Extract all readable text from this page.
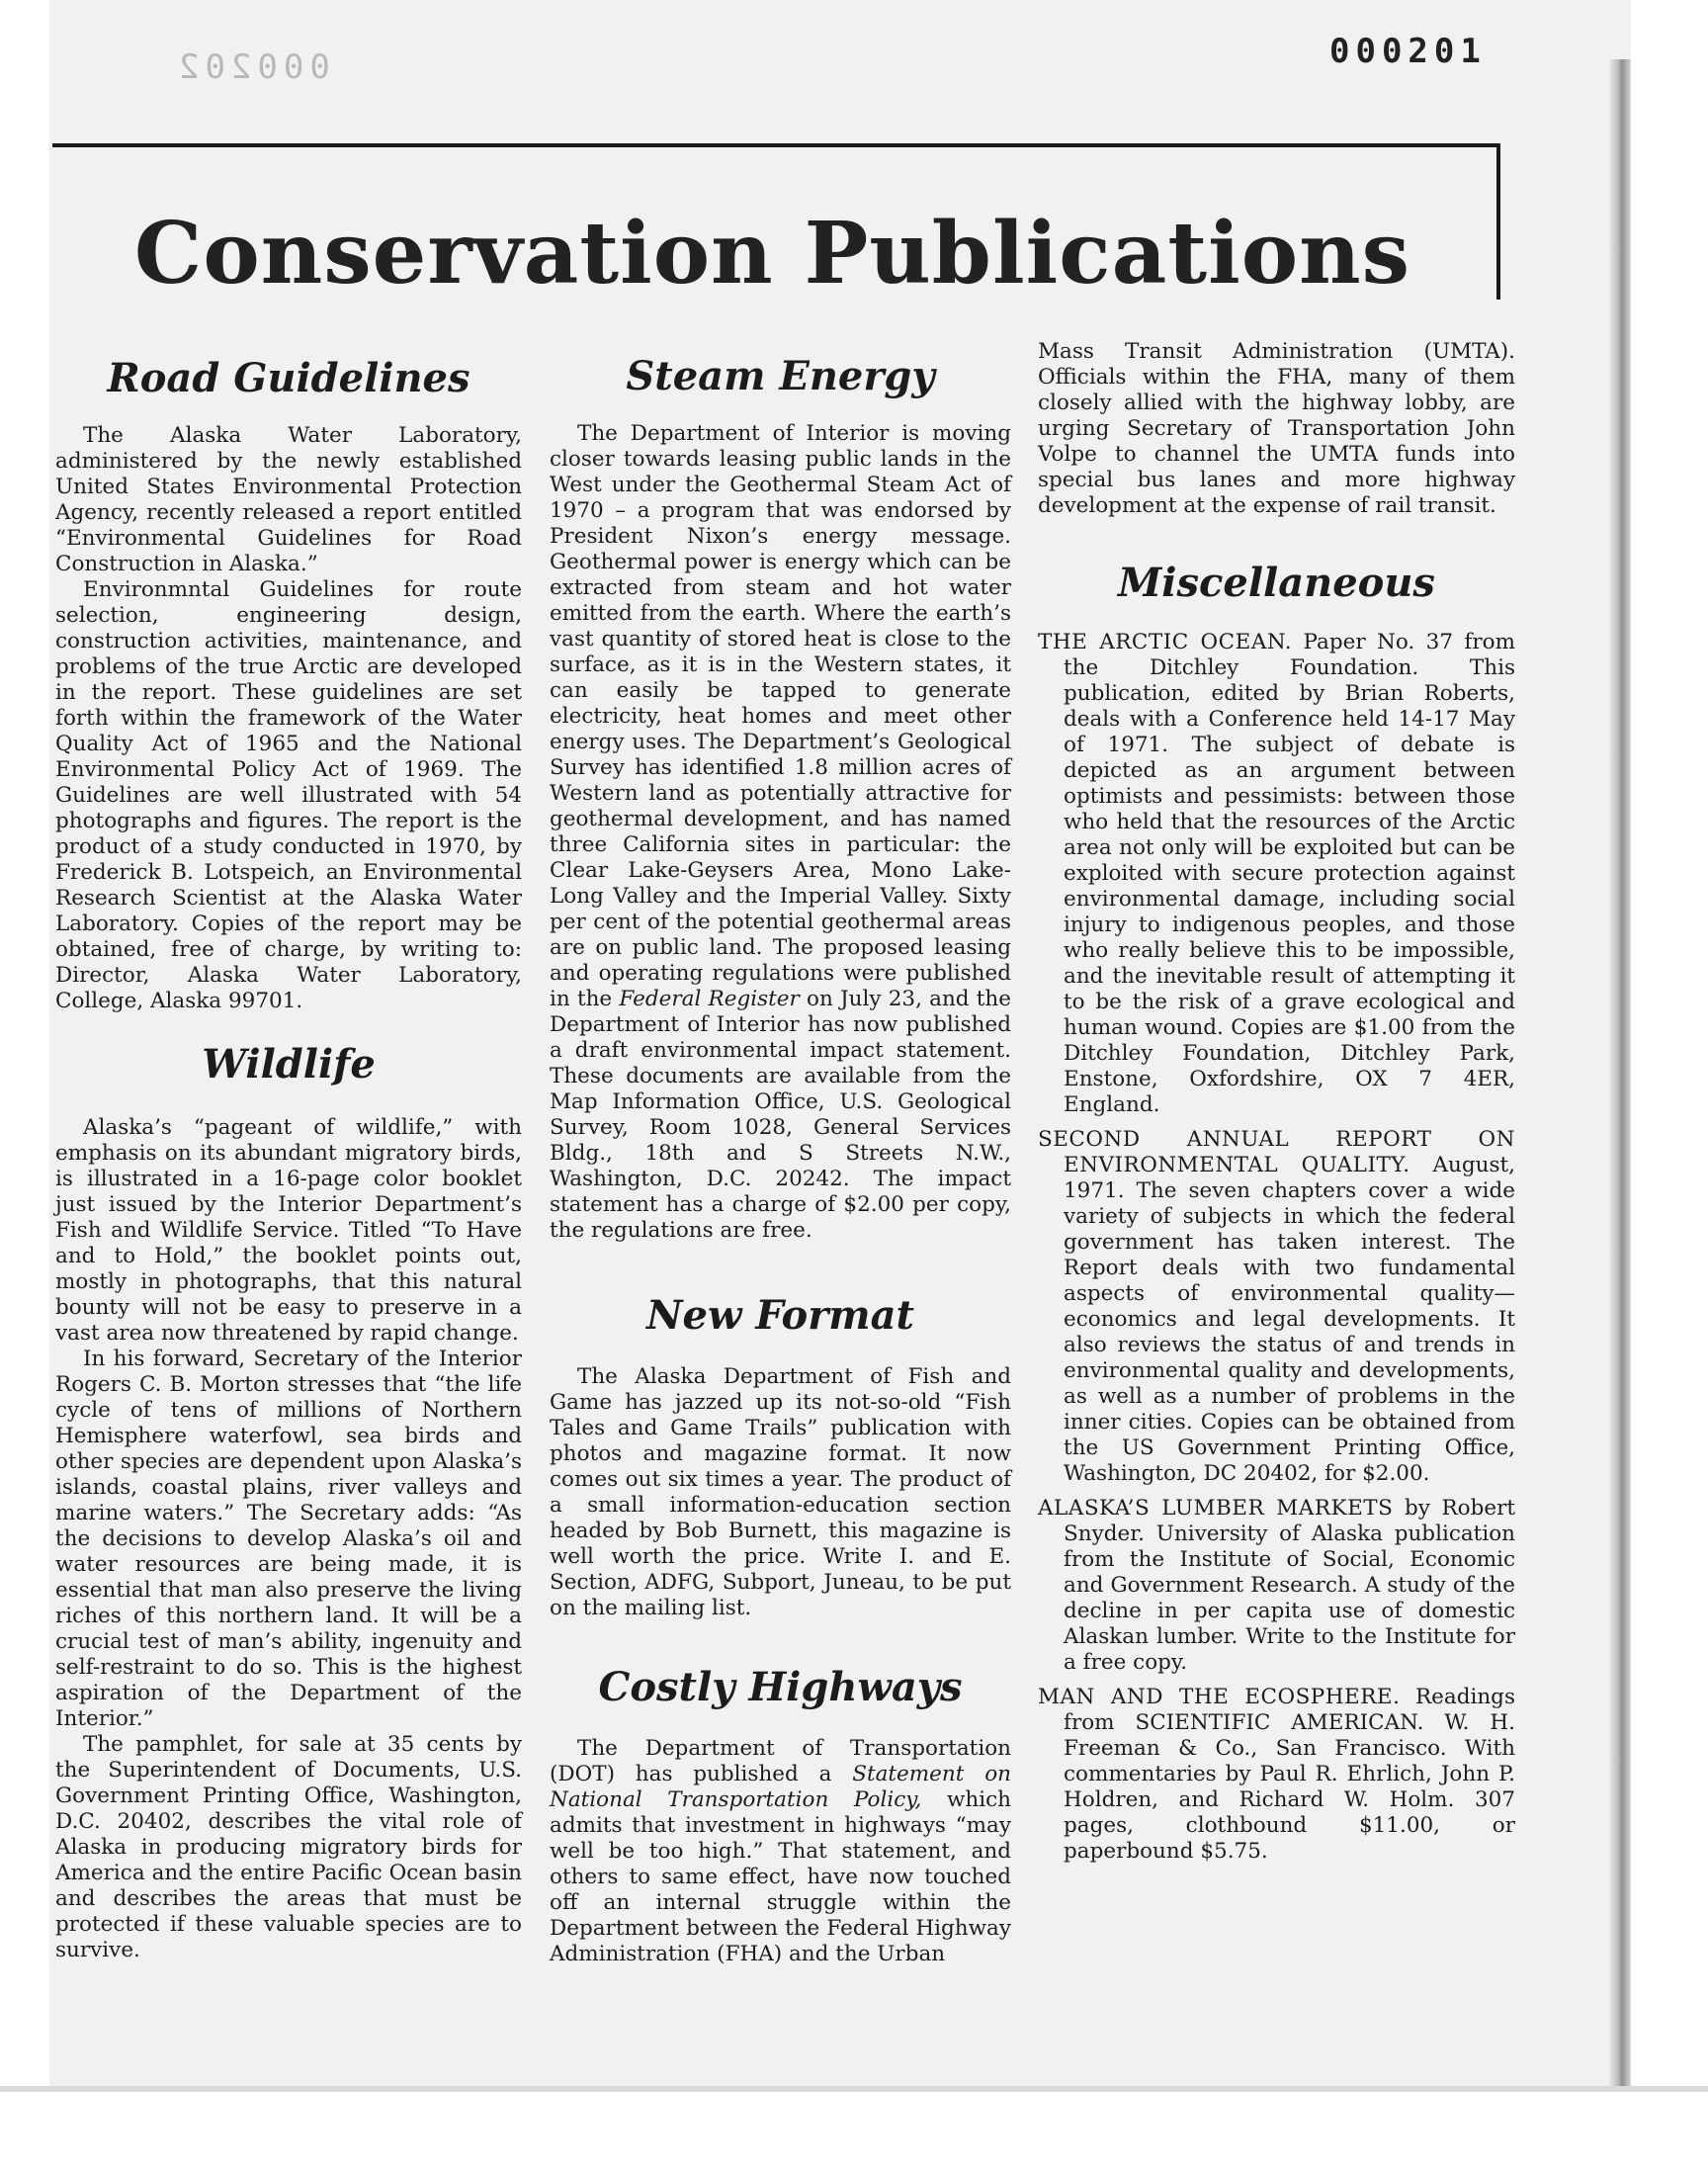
000202	000201
Conservation Publications
Road Guidelines

The Alaska Water Laboratory, administered by the newly established United States Environmental Protection Agency, recently released a report entitled “Environmental Guidelines for Road Construction in Alaska.”

Environmntal Guidelines for route selection, engineering design, construction activities, maintenance, and problems of the true Arctic are developed in the report. These guidelines are set forth within the framework of the Water Quality Act of 1965 and the National Environmental Policy Act of 1969. The Guidelines are well illustrated with 54 photographs and figures. The report is the product of a study conducted in 1970, by Frederick B. Lotspeich, an Environmental Research Scientist at the Alaska Water Laboratory. Copies of the report may be obtained, free of charge, by writing to: Director, Alaska Water Laboratory, College, Alaska 99701.

Wildlife

Alaska’s “pageant of wildlife,” with emphasis on its abundant migratory birds, is illustrated in a 16-page color booklet just issued by the Interior Department’s Fish and Wildlife Service. Titled “To Have and to Hold,” the booklet points out, mostly in photographs, that this natural bounty will not be easy to preserve in a vast area now threatened by rapid change.

In his forward, Secretary of the Interior Rogers C. B. Morton stresses that “the life cycle of tens of millions of Northern Hemisphere waterfowl, sea birds and other species are dependent upon Alaska’s islands, coastal plains, river valleys and marine waters.” The Secretary adds: “As the decisions to develop Alaska’s oil and water resources are being made, it is essential that man also preserve the living riches of this northern land. It will be a crucial test of man’s ability, ingenuity and self-restraint to do so. This is the highest aspiration of the Department of the Interior.”

The pamphlet, for sale at 35 cents by the Superintendent of Documents, U.S. Government Printing Office, Washington, D.C. 20402, describes the vital role of Alaska in producing migratory birds for America and the entire Pacific Ocean basin and describes the areas that must be protected if these valuable species are to survive.

Steam Energy

The Department of Interior is moving closer towards leasing public lands in the West under the Geothermal Steam Act of 1970 – a program that was endorsed by President Nixon’s energy message. Geothermal power is energy which can be extracted from steam and hot water emitted from the earth. Where the earth’s vast quantity of stored heat is close to the surface, as it is in the Western states, it can easily be tapped to generate electricity, heat homes and meet other energy uses. The Department’s Geological Survey has identified 1.8 million acres of Western land as potentially attractive for geothermal development, and has named three California sites in particular: the Clear Lake-Geysers Area, Mono Lake-Long Valley and the Imperial Valley. Sixty per cent of the potential geothermal areas are on public land. The proposed leasing and operating regulations were published in the Federal Register on July 23, and the Department of Interior has now published a draft environmental impact statement. These documents are available from the Map Information Office, U.S. Geological Survey, Room 1028, General Services Bldg., 18th and S Streets N.W., Washington, D.C. 20242. The impact statement has a charge of $2.00 per copy, the regulations are free.

New Format

The Alaska Department of Fish and Game has jazzed up its not-so-old “Fish Tales and Game Trails” publication with photos and magazine format. It now comes out six times a year. The product of a small information-education section headed by Bob Burnett, this magazine is well worth the price. Write I. and E. Section, ADFG, Subport, Juneau, to be put on the mailing list.

Costly Highways

The Department of Transportation (DOT) has published a Statement on National Transportation Policy, which admits that investment in highways “may well be too high.” That statement, and others to same effect, have now touched off an internal struggle within the Department between the Federal Highway Administration (FHA) and the Urban

Mass Transit Administration (UMTA). Officials within the FHA, many of them closely allied with the highway lobby, are urging Secretary of Transportation John Volpe to channel the UMTA funds into special bus lanes and more highway development at the expense of rail transit.

Miscellaneous
THE ARCTIC OCEAN. Paper No. 37 from the Ditchley Foundation. This publication, edited by Brian Roberts, deals with a Conference held 14-17 May of 1971. The subject of debate is depicted as an argument between optimists and pessimists: between those who held that the resources of the Arctic area not only will be exploited but can be exploited with secure protection against environmental damage, including social injury to indigenous peoples, and those who really believe this to be impossible, and the inevitable result of attempting it to be the risk of a grave ecological and human wound. Copies are $1.00 from the Ditchley Foundation, Ditchley Park, Enstone, Oxfordshire, OX 7 4ER, England.
SECOND ANNUAL REPORT ON ENVIRONMENTAL QUALITY. August, 1971. The seven chapters cover a wide variety of subjects in which the federal government has taken interest. The Report deals with two fundamental aspects of environmental quality—economics and legal developments. It also reviews the status of and trends in environmental quality and developments, as well as a number of problems in the inner cities. Copies can be obtained from the US Government Printing Office, Washington, DC 20402, for $2.00.
ALASKA’S LUMBER MARKETS by Robert Snyder. University of Alaska publication from the Institute of Social, Economic and Government Research. A study of the decline in per capita use of domestic Alaskan lumber. Write to the Institute for a free copy.
MAN AND THE ECOSPHERE. Readings from SCIENTIFIC AMERICAN. W. H. Freeman & Co., San Francisco. With commentaries by Paul R. Ehrlich, John P. Holdren, and Richard W. Holm. 307 pages, clothbound $11.00, or paperbound $5.75.
